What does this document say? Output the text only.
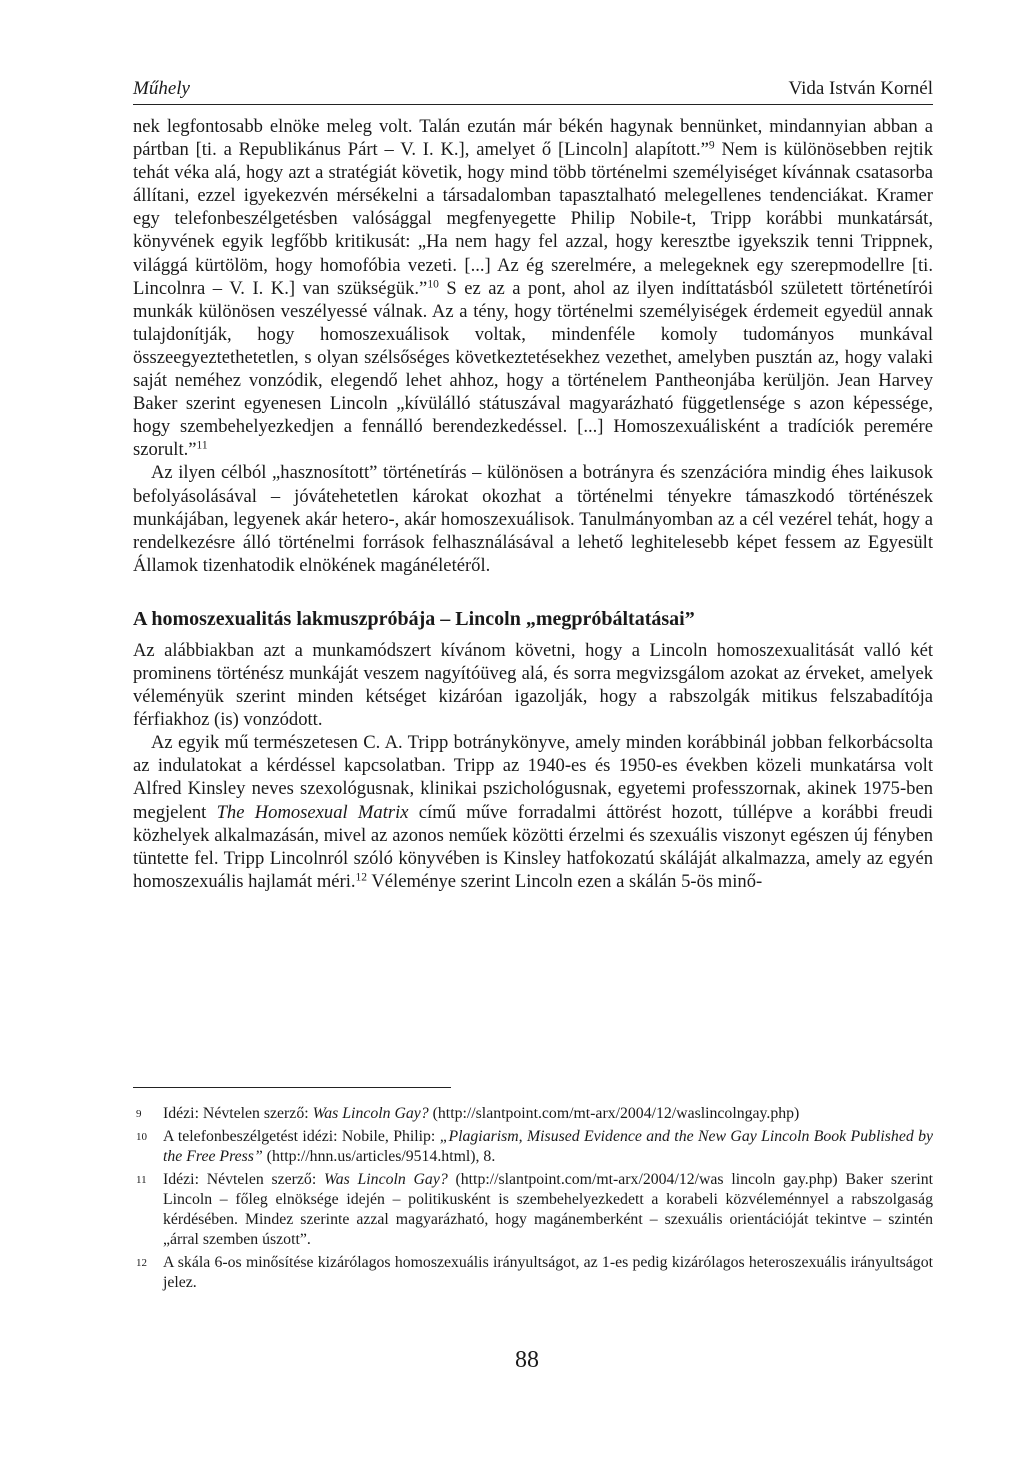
Műhely	Vida István Kornél

nek legfontosabb elnöke meleg volt. Talán ezután már békén hagynak bennünket, mindannyian abban a pártban [ti. a Republikánus Párt – V. I. K.], amelyet ő [Lincoln] alapított.”$^9$ Nem is különösebben rejtik tehát véka alá, hogy azt a stratégiát követik, hogy mind több történelmi személyiséget kívánnak csatasorba állítani, ezzel igyekezvén mérsékelni a társadalomban tapasztalható melegellenes tendenciákat. Kramer egy telefonbeszélgetésben valósággal megfenyegette Philip Nobile-t, Tripp korábbi munkatársát, könyvének egyik legfőbb kritikusát: „Ha nem hagy fel azzal, hogy keresztbe igyekszik tenni Trippnek, világgá kürtölöm, hogy homofóbia vezeti. [...] Az ég szerelmére, a melegeknek egy szerepmodellre [ti. Lincolnra – V. I. K.] van szükségük.”$^{10}$ S ez az a pont, ahol az ilyen indíttatásból született történetírói munkák különösen veszélyessé válnak. Az a tény, hogy történelmi személyiségek érdemeit egyedül annak tulajdonítják, hogy homoszexuálisok voltak, mindenféle komoly tudományos munkával összeegyeztethetetlen, s olyan szélsőséges következtetésekhez vezethet, amelyben pusztán az, hogy valaki saját neméhez vonzódik, elegendő lehet ahhoz, hogy a történelem Pantheonjába kerüljön. Jean Harvey Baker szerint egyenesen Lincoln „kívülálló státuszával magyarázható függetlensége s azon képessége, hogy szembehelyezkedjen a fennálló berendezkedéssel. [...] Homoszexuálisként a tradíciók peremére szorult.”$^{11}$

Az ilyen célból „hasznosított” történetírás – különösen a botrányra és szenzációra mindig éhes laikusok befolyásolásával – jóvátehetetlen károkat okozhat a történelmi tényekre támaszkodó történészek munkájában, legyenek akár hetero-, akár homoszexuálisok. Tanulmányomban az a cél vezérel tehát, hogy a rendelkezésre álló történelmi források felhasználásával a lehető leghitelesebb képet fessem az Egyesült Államok tizenhatodik elnökének magánéletéről.

A homoszexualitás lakmuszpróbája – Lincoln „megpróbáltatásai”

Az alábbiakban azt a munkamódszert kívánom követni, hogy a Lincoln homoszexualitását valló két prominens történész munkáját veszem nagyítóüveg alá, és sorra megvizsgálom azokat az érveket, amelyek véleményük szerint minden kétséget kizáróan igazolják, hogy a rabszolgák mitikus felszabadítója férfiakhoz (is) vonzódott.

Az egyik mű természetesen C. A. Tripp botránykönyve, amely minden korábbinál jobban felkorbácsolta az indulatokat a kérdéssel kapcsolatban. Tripp az 1940-es és 1950-es években közeli munkatársa volt Alfred Kinsley neves szexológusnak, klinikai pszichológusnak, egyetemi professzornak, akinek 1975-ben megjelent The Homosexual Matrix című műve forradalmi áttörést hozott, túllépve a korábbi freudi közhelyek alkalmazásán, mivel az azonos neműek közötti érzelmi és szexuális viszonyt egészen új fényben tüntette fel. Tripp Lincolnról szóló könyvében is Kinsley hatfokozatú skáláját alkalmazza, amely az egyén homoszexuális hajlamát méri.$^{12}$ Véleménye szerint Lincoln ezen a skálán 5-ös minő-

9	Idézi: Névtelen szerző: Was Lincoln Gay? (http://slantpoint.com/mt-arx/2004/12/waslincolngay.php)
10	A telefonbeszélgetést idézi: Nobile, Philip: „Plagiarism, Misused Evidence and the New Gay Lincoln Book Published by the Free Press” (http://hnn.us/articles/9514.html), 8.
11	Idézi: Névtelen szerző: Was Lincoln Gay? (http://slantpoint.com/mt-arx/2004/12/was lincoln gay.php) Baker szerint Lincoln – főleg elnöksége idején – politikusként is szembehelyezkedett a korabeli közvéleménnyel a rabszolgaság kérdésében. Mindez szerinte azzal magyarázható, hogy magánemberként – szexuális orientációját tekintve – szintén „árral szemben úszott”.
12	A skála 6-os minősítése kizárólagos homoszexuális irányultságot, az 1-es pedig kizárólagos heteroszexuális irányultságot jelez.
88
